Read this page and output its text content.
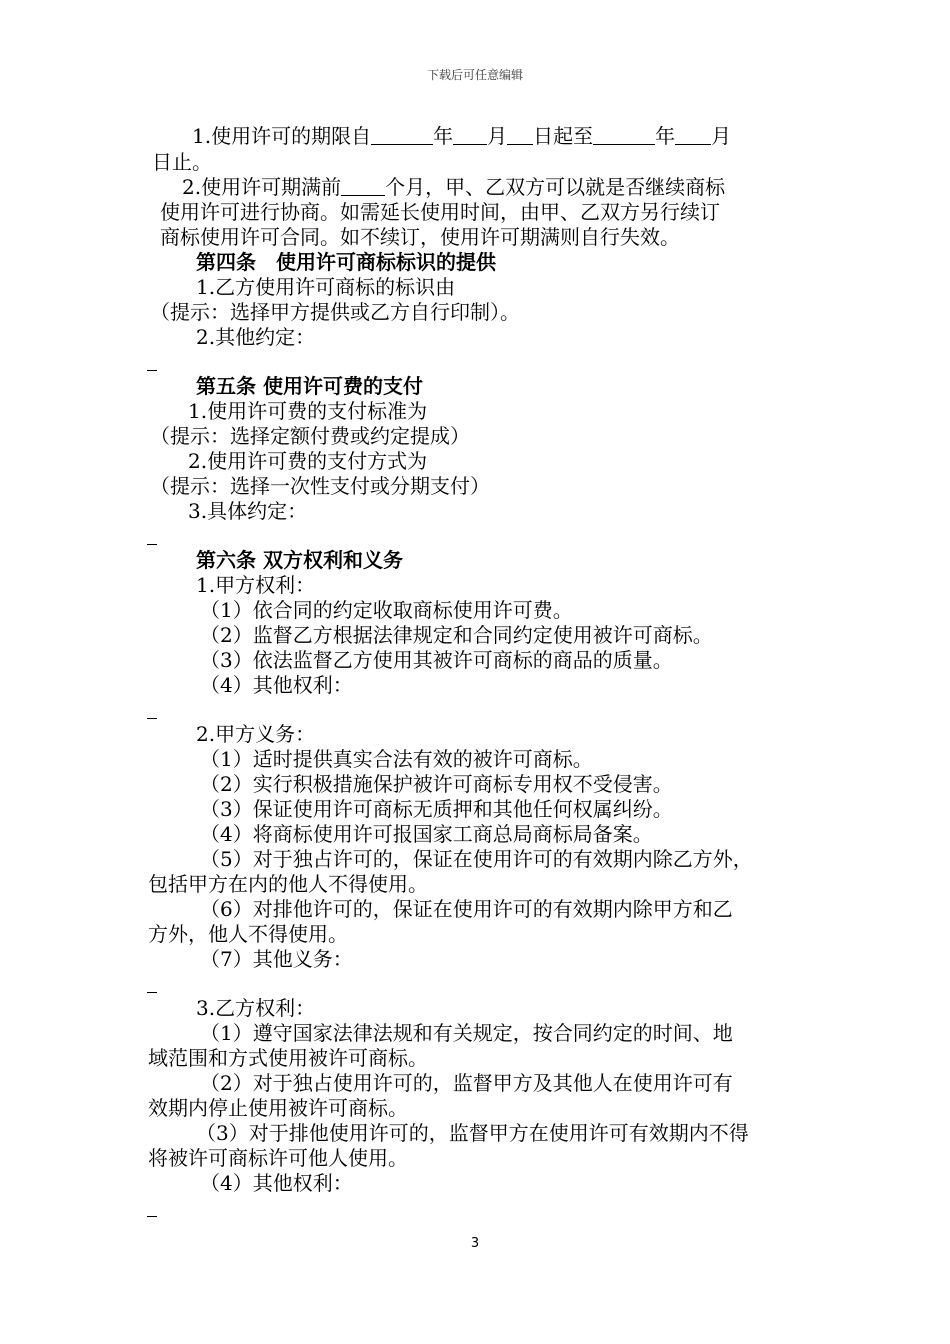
下载后可任意编辑
1.使用许可的期限自	年 月 日起至	年 月
日止。
2.使用许可期满前 个月，甲、乙双方可以就是否继续商标
使用许可进行协商。如需延长使用时间，由甲、乙双方另行续订
商标使用许可合同。如不续订，使用许可期满则自行失效。
第四条　使用许可商标标识的提供
1.乙方使用许可商标的标识由
（提示：选择甲方提供或乙方自行印制）。
2.其他约定：
第五条 使用许可费的支付
1.使用许可费的支付标准为
（提示：选择定额付费或约定提成）
2.使用许可费的支付方式为
（提示：选择一次性支付或分期支付）
3.具体约定：
第六条 双方权利和义务
1.甲方权利：
（1）依合同的约定收取商标使用许可费。
（2）监督乙方根据法律规定和合同约定使用被许可商标。
（3）依法监督乙方使用其被许可商标的商品的质量。
（4）其他权利：
2.甲方义务：
（1）适时提供真实合法有效的被许可商标。
（2）实行积极措施保护被许可商标专用权不受侵害。
（3）保证使用许可商标无质押和其他任何权属纠纷。
（4）将商标使用许可报国家工商总局商标局备案。
（5）对于独占许可的，保证在使用许可的有效期内除乙方外，
包括甲方在内的他人不得使用。
（6）对排他许可的，保证在使用许可的有效期内除甲方和乙
方外，他人不得使用。
（7）其他义务：
3.乙方权利：
（1）遵守国家法律法规和有关规定，按合同约定的时间、地
域范围和方式使用被许可商标。
（2）对于独占使用许可的，监督甲方及其他人在使用许可有
效期内停止使用被许可商标。
（3）对于排他使用许可的，监督甲方在使用许可有效期内不得
将被许可商标许可他人使用。
（4）其他权利：
3
